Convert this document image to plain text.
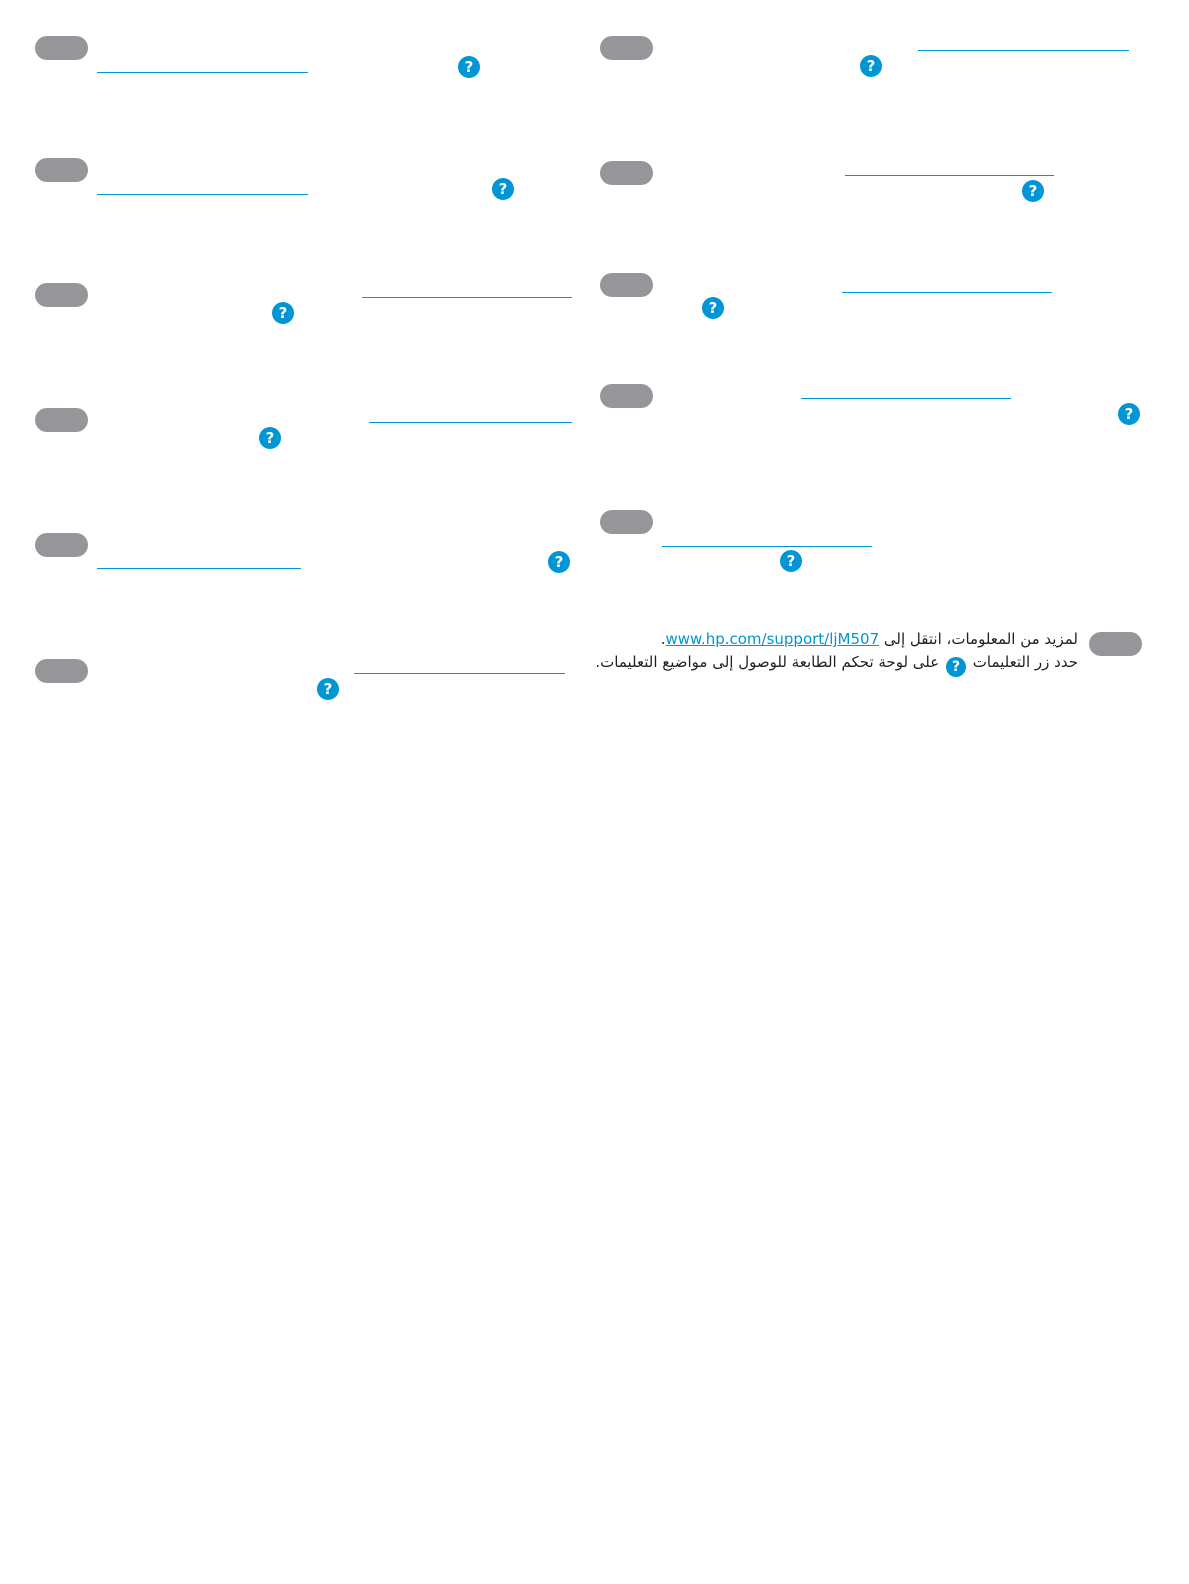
?
?
?
?
?
?
?
?
?
?
?
لمزيد من المعلومات، انتقل إلى www.hp.com/support/ljM507.
حدد زر التعليمات ? على لوحة تحكم الطابعة للوصول إلى مواضيع التعليمات.
